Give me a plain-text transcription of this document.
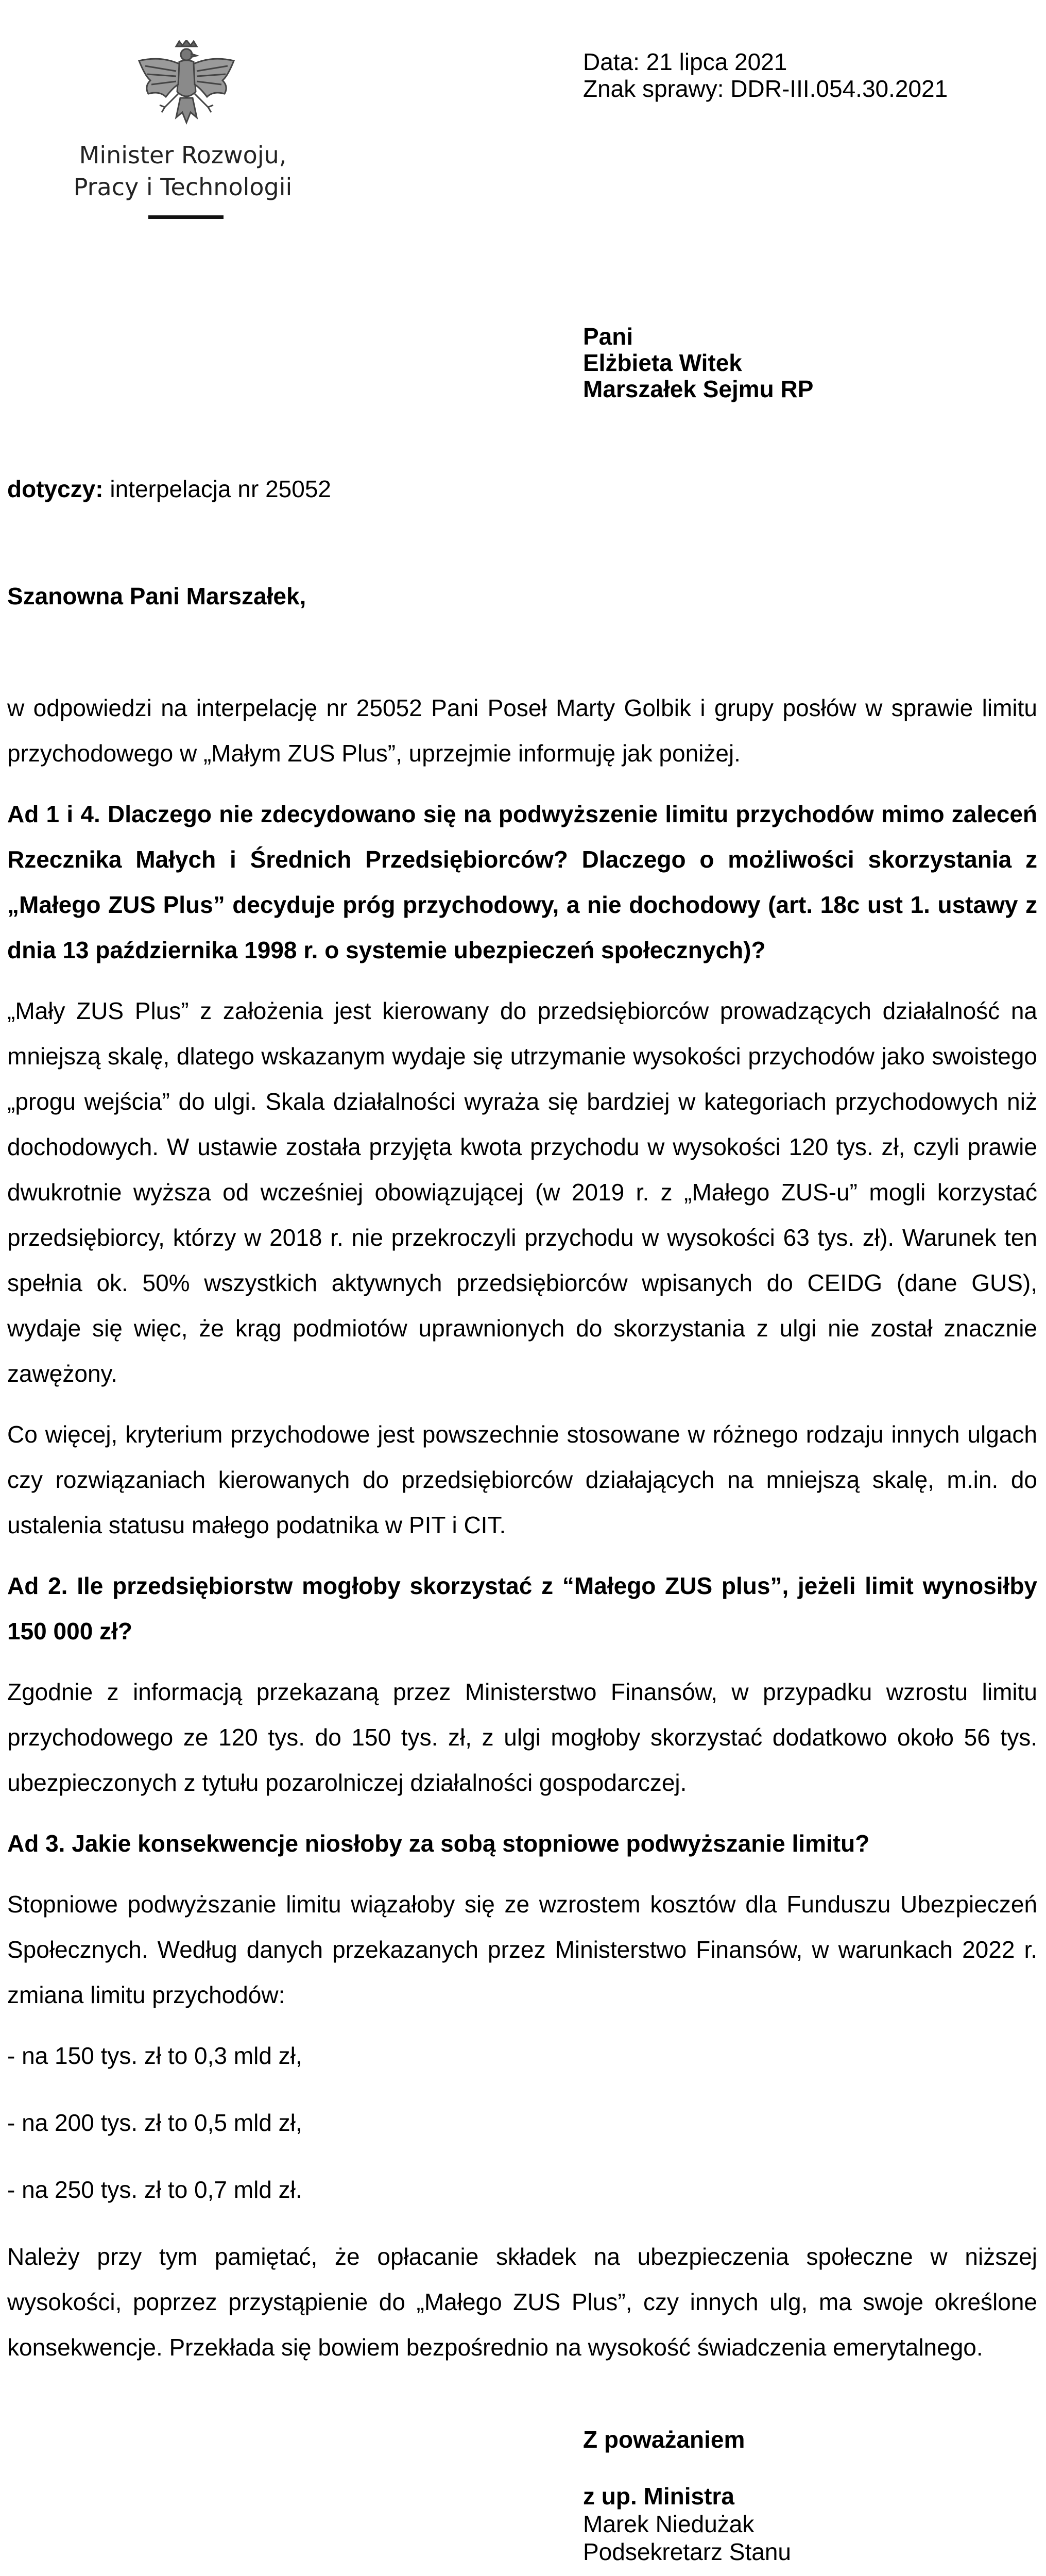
Minister Rozwoju,
Pracy i Technologii
Data: 21 lipca 2021
Znak sprawy: DDR-III.054.30.2021
Pani
Elżbieta Witek
Marszałek Sejmu RP
dotyczy: interpelacja nr 25052
Szanowna Pani Marszałek,

w odpowiedzi na interpelację nr 25052 Pani Poseł Marty Golbik i grupy posłów w sprawie limitu przychodowego w „Małym ZUS Plus”, uprzejmie informuję jak poniżej.

Ad 1 i 4. Dlaczego nie zdecydowano się na podwyższenie limitu przychodów mimo zaleceń Rzecznika Małych i Średnich Przedsiębiorców? Dlaczego o możliwości skorzystania z „Małego ZUS Plus” decyduje próg przychodowy, a nie dochodowy (art. 18c ust 1. ustawy z dnia 13 października 1998 r. o systemie ubezpieczeń społecznych)?

„Mały ZUS Plus” z założenia jest kierowany do przedsiębiorców prowadzących działalność na mniejszą skalę, dlatego wskazanym wydaje się utrzymanie wysokości przychodów jako swoistego „progu wejścia” do ulgi. Skala działalności wyraża się bardziej w kategoriach przychodowych niż dochodowych. W ustawie została przyjęta kwota przychodu w wysokości 120 tys. zł, czyli prawie dwukrotnie wyższa od wcześniej obowiązującej (w 2019 r. z „Małego ZUS-u” mogli korzystać przedsiębiorcy, którzy w 2018 r. nie przekroczyli przychodu w wysokości 63 tys. zł). Warunek ten spełnia ok. 50% wszystkich aktywnych przedsiębiorców wpisanych do CEIDG (dane GUS), wydaje się więc, że krąg podmiotów uprawnionych do skorzystania z ulgi nie został znacznie zawężony.

Co więcej, kryterium przychodowe jest powszechnie stosowane w różnego rodzaju innych ulgach czy rozwiązaniach kierowanych do przedsiębiorców działających na mniejszą skalę, m.in. do ustalenia statusu małego podatnika w PIT i CIT.

Ad 2. Ile przedsiębiorstw mogłoby skorzystać z “Małego ZUS plus”, jeżeli limit wynosiłby 150 000 zł?

Zgodnie z informacją przekazaną przez Ministerstwo Finansów, w przypadku wzrostu limitu przychodowego ze 120 tys. do 150 tys. zł, z ulgi mogłoby skorzystać dodatkowo około 56 tys. ubezpieczonych z tytułu pozarolniczej działalności gospodarczej.

Ad 3. Jakie konsekwencje niosłoby za sobą stopniowe podwyższanie limitu?

Stopniowe podwyższanie limitu wiązałoby się ze wzrostem kosztów dla Funduszu Ubezpieczeń Społecznych. Według danych przekazanych przez Ministerstwo Finansów, w warunkach 2022 r. zmiana limitu przychodów:

- na 150 tys. zł to 0,3 mld zł,

- na 200 tys. zł to 0,5 mld zł,

- na 250 tys. zł to 0,7 mld zł.

Należy przy tym pamiętać, że opłacanie składek na ubezpieczenia społeczne w niższej wysokości, poprzez przystąpienie do „Małego ZUS Plus”, czy innych ulg, ma swoje określone konsekwencje. Przekłada się bowiem bezpośrednio na wysokość świadczenia emerytalnego.

Z poważaniem
z up. Ministra
Marek Niedużak
Podsekretarz Stanu
